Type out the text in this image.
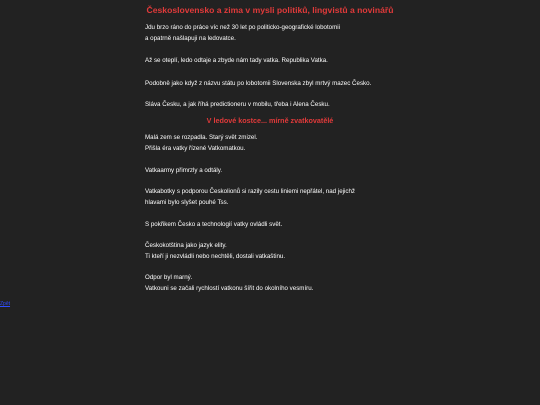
Československo a zima v mysli politiků, lingvistů a novinářů
Jdu brzo ráno do práce víc než 30 let po politicko-geografické lobotomii
a opatrně našlapuji na ledovatce.
Až se oteplí, ledo odtaje a zbyde nám tady vatka. Republika Vatka.
Podobně jako když z názvu státu po lobotomii Slovenska zbyl mrtvý mazec Česko.
Sláva Česku, a jak říhá predictioneru v mobilu, třeba i Alena Česku.
V ledové kostce... mírně zvatkovatělé
Malá zem se rozpadla. Starý svět zmizel.
Přišla éra vatky řízené Vatkomatkou.
Vatkaarmy přimrzly a odtály.
Vatkabotky s podporou Českolionů si razily cestu liniemi nepřátel, nad jejichž
hlavami bylo slyšet pouhé Tss.
S pokřikem Česko a technologií vatky ovládli svět.
Českokotština jako jazyk elity.
Ti kteří ji nezvládli nebo nechtěli, dostali vatkaštinu.
Odpor byl marný.
Vatkouni se začali rychlostí vatkonu šířit do okolního vesmíru.
Zpět
